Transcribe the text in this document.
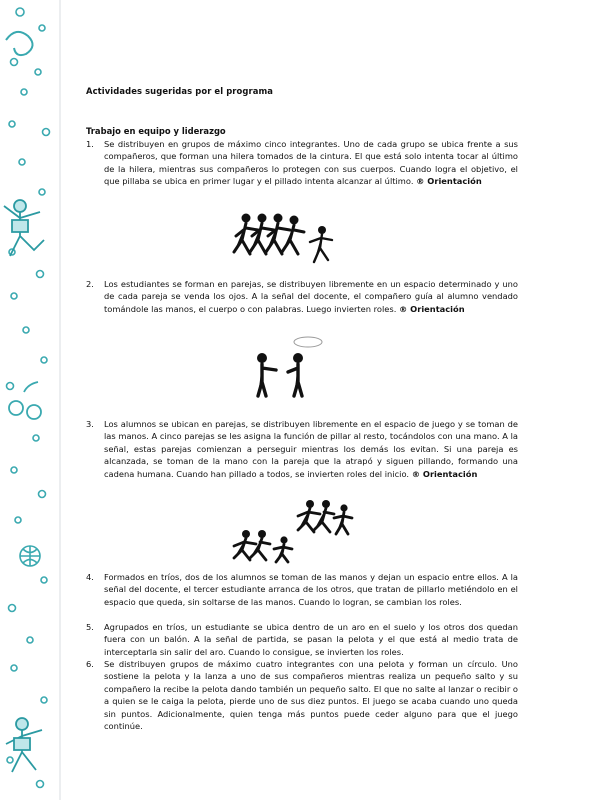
Actividades sugeridas por el programa
Trabajo en equipo y liderazgo
1. Se distribuyen en grupos de máximo cinco integrantes. Uno de cada grupo se ubica frente a sus compañeros, que forman una hilera tomados de la cintura. El que está solo intenta tocar al último de la hilera, mientras sus compañeros lo protegen con sus cuerpos. Cuando logra el objetivo, el que pillaba se ubica en primer lugar y el pillado intenta alcanzar al último. ® Orientación
2. Los estudiantes se forman en parejas, se distribuyen libremente en un espacio determinado y uno de cada pareja se venda los ojos. A la señal del docente, el compañero guía al alumno vendado tomándole las manos, el cuerpo o con palabras. Luego invierten roles. ® Orientación
3. Los alumnos se ubican en parejas, se distribuyen libremente en el espacio de juego y se toman de las manos. A cinco parejas se les asigna la función de pillar al resto, tocándolos con una mano. A la señal, estas parejas comienzan a perseguir mientras los demás los evitan. Si una pareja es alcanzada, se toman de la mano con la pareja que la atrapó y siguen pillando, formando una cadena humana. Cuando han pillado a todos, se invierten roles del inicio. ® Orientación
4. Formados en tríos, dos de los alumnos se toman de las manos y dejan un espacio entre ellos. A la señal del docente, el tercer estudiante arranca de los otros, que tratan de pillarlo metiéndolo en el espacio que queda, sin soltarse de las manos. Cuando lo logran, se cambian los roles.
5. Agrupados en tríos, un estudiante se ubica dentro de un aro en el suelo y los otros dos quedan fuera con un balón. A la señal de partida, se pasan la pelota y el que está al medio trata de interceptarla sin salir del aro. Cuando lo consigue, se invierten los roles.
6. Se distribuyen grupos de máximo cuatro integrantes con una pelota y forman un círculo. Uno sostiene la pelota y la lanza a uno de sus compañeros mientras realiza un pequeño salto y su compañero la recibe la pelota dando también un pequeño salto. El que no salte al lanzar o recibir o a quien se le caiga la pelota, pierde uno de sus diez puntos. El juego se acaba cuando uno queda sin puntos. Adicionalmente, quien tenga más puntos puede ceder alguno para que el juego continúe.
